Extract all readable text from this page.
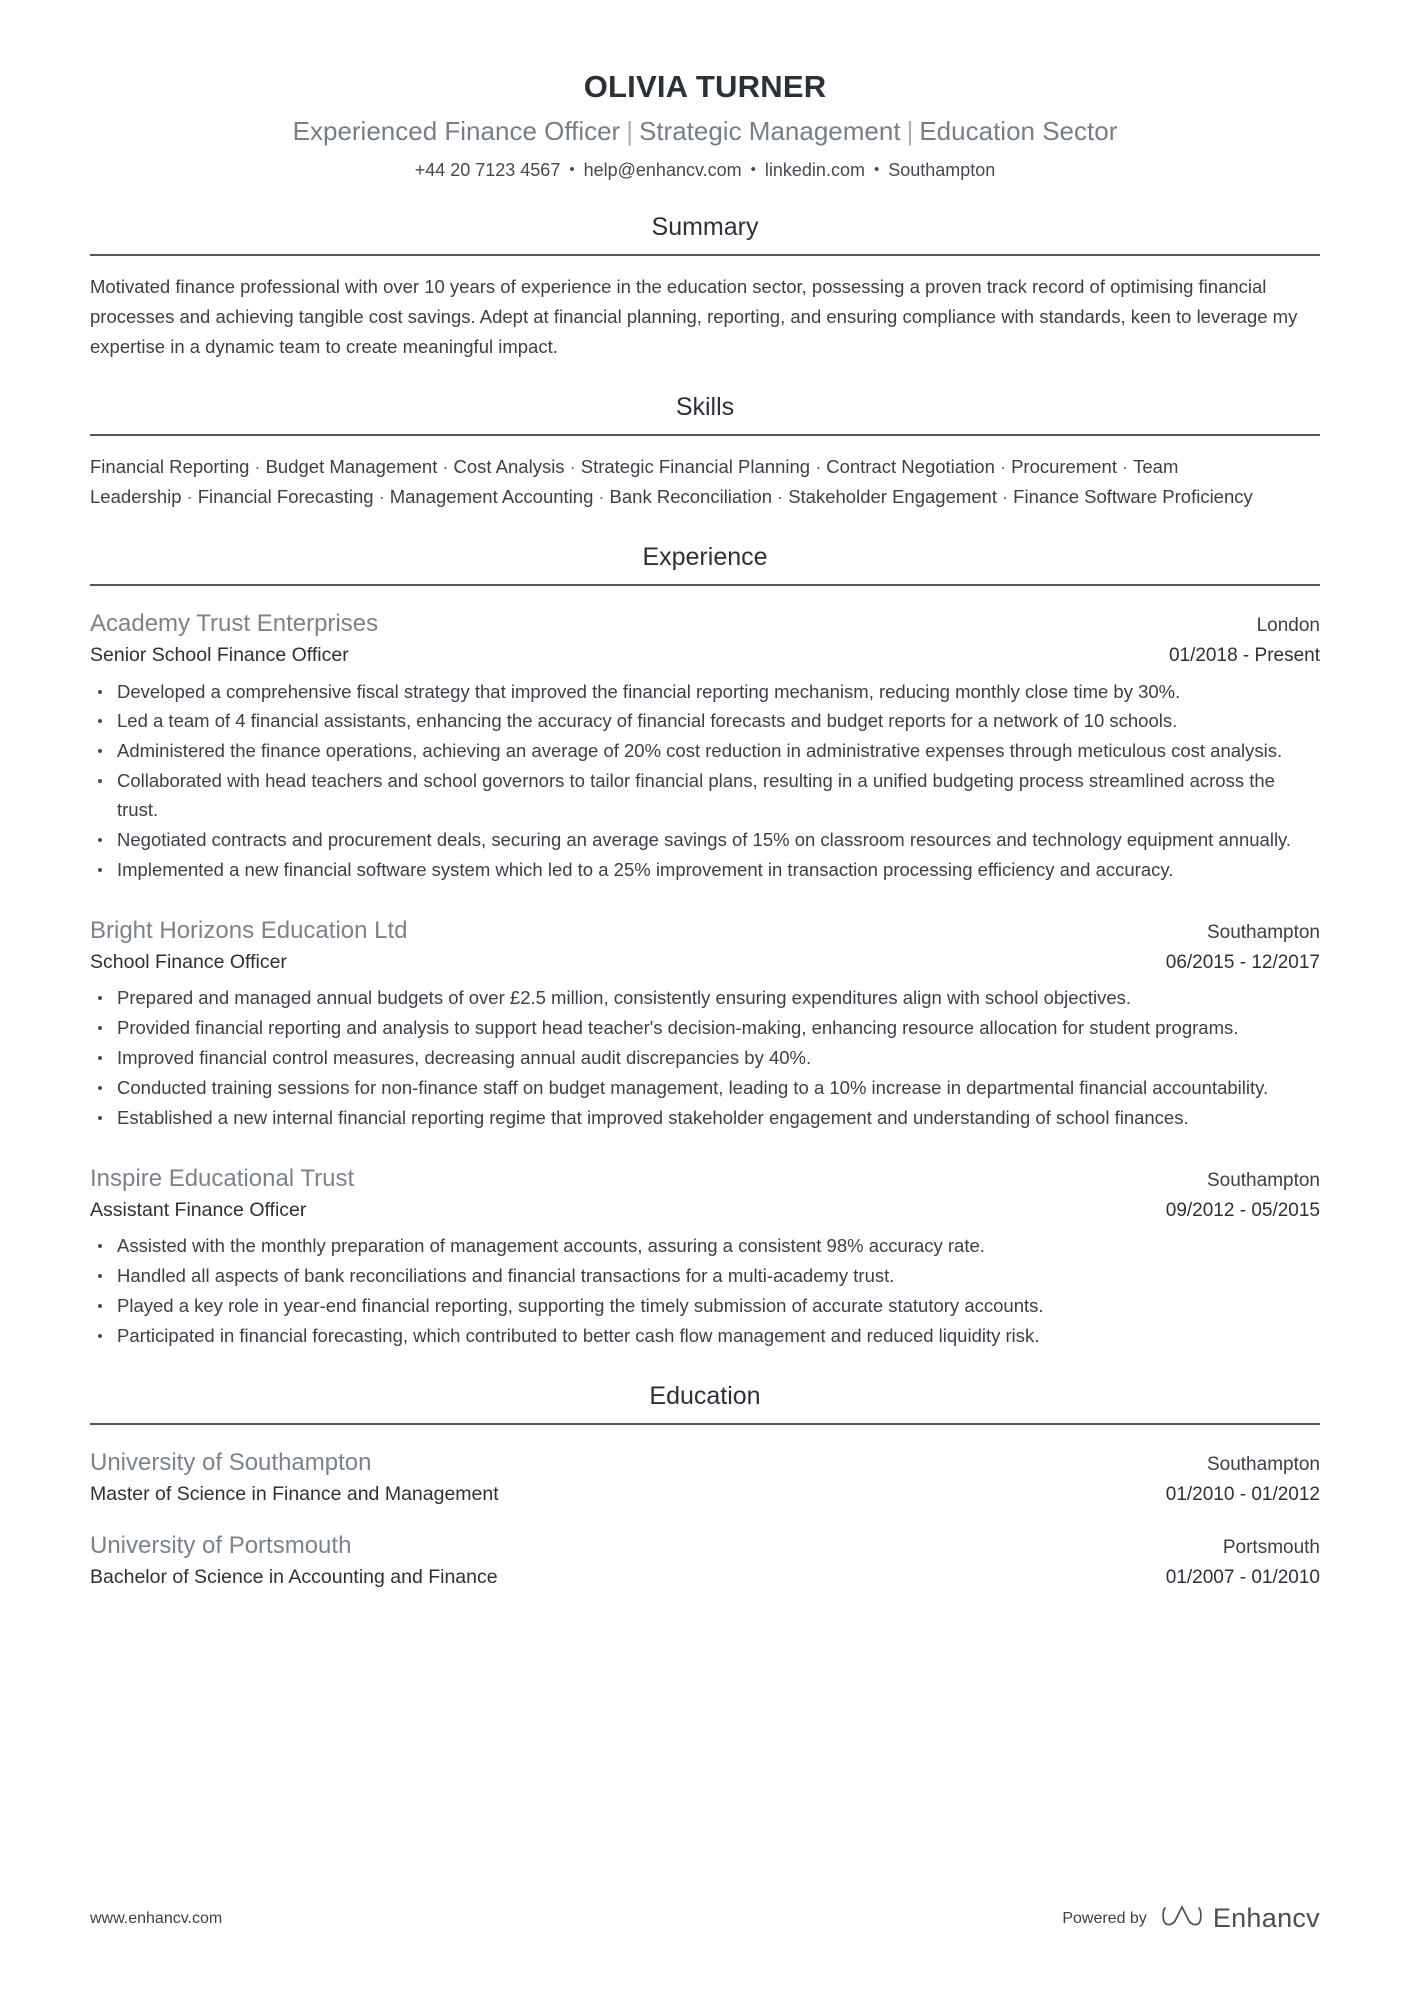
OLIVIA TURNER
Experienced Finance Officer | Strategic Management | Education Sector
+44 20 7123 4567 • help@enhancv.com • linkedin.com • Southampton
Summary

Motivated finance professional with over 10 years of experience in the education sector, possessing a proven track record of optimising financial processes and achieving tangible cost savings. Adept at financial planning, reporting, and ensuring compliance with standards, keen to leverage my expertise in a dynamic team to create meaningful impact.

Skills
Financial Reporting · Budget Management · Cost Analysis · Strategic Financial Planning · Contract Negotiation · Procurement · Team Leadership · Financial Forecasting · Management Accounting · Bank Reconciliation · Stakeholder Engagement · Finance Software Proficiency
Experience
Academy Trust Enterprises	London
Senior School Finance Officer	01/2018 - Present
Developed a comprehensive fiscal strategy that improved the financial reporting mechanism, reducing monthly close time by 30%.
Led a team of 4 financial assistants, enhancing the accuracy of financial forecasts and budget reports for a network of 10 schools.
Administered the finance operations, achieving an average of 20% cost reduction in administrative expenses through meticulous cost analysis.
Collaborated with head teachers and school governors to tailor financial plans, resulting in a unified budgeting process streamlined across the trust.
Negotiated contracts and procurement deals, securing an average savings of 15% on classroom resources and technology equipment annually.
Implemented a new financial software system which led to a 25% improvement in transaction processing efficiency and accuracy.
Bright Horizons Education Ltd	Southampton
School Finance Officer	06/2015 - 12/2017
Prepared and managed annual budgets of over £2.5 million, consistently ensuring expenditures align with school objectives.
Provided financial reporting and analysis to support head teacher's decision-making, enhancing resource allocation for student programs.
Improved financial control measures, decreasing annual audit discrepancies by 40%.
Conducted training sessions for non-finance staff on budget management, leading to a 10% increase in departmental financial accountability.
Established a new internal financial reporting regime that improved stakeholder engagement and understanding of school finances.
Inspire Educational Trust	Southampton
Assistant Finance Officer	09/2012 - 05/2015
Assisted with the monthly preparation of management accounts, assuring a consistent 98% accuracy rate.
Handled all aspects of bank reconciliations and financial transactions for a multi-academy trust.
Played a key role in year-end financial reporting, supporting the timely submission of accurate statutory accounts.
Participated in financial forecasting, which contributed to better cash flow management and reduced liquidity risk.
Education
University of Southampton	Southampton
Master of Science in Finance and Management	01/2010 - 01/2012
University of Portsmouth	Portsmouth
Bachelor of Science in Accounting and Finance	01/2007 - 01/2010
www.enhancv.com	Powered by Enhancv
